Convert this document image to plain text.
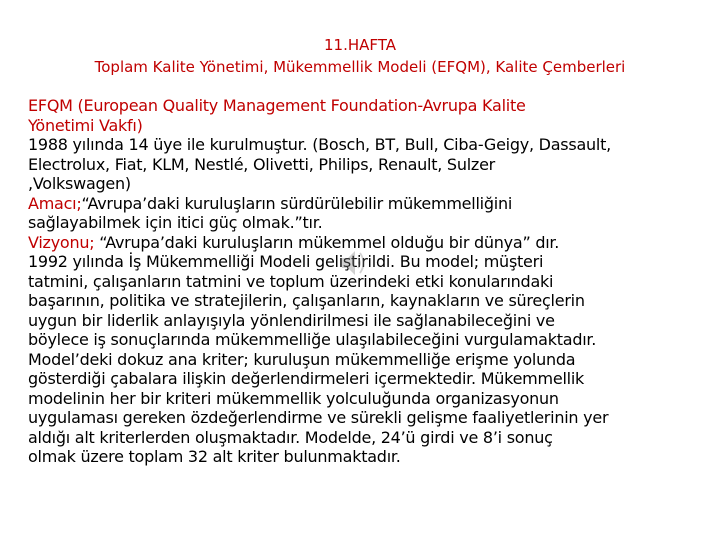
11.HAFTA
Toplam Kalite Yönetimi, Mükemmellik Modeli (EFQM), Kalite Çemberleri
EFQM (European Quality Management Foundation-Avrupa Kalite
Yönetimi Vakfı)
1988 yılında 14 üye ile kurulmuştur. (Bosch, BT, Bull, Ciba-Geigy, Dassault,
Electrolux, Fiat, KLM, Nestlé, Olivetti, Philips, Renault, Sulzer
,Volkswagen)
Amacı;“Avrupa’daki kuruluşların sürdürülebilir mükemmelliğini
sağlayabilmek için itici güç olmak.”tır.
Vizyonu; “Avrupa’daki kuruluşların mükemmel olduğu bir dünya” dır.
1992 yılında İş Mükemmelliği Modeli geliştirildi. Bu model; müşteri
tatmini, çalışanların tatmini ve toplum üzerindeki etki konularındaki
başarının, politika ve stratejilerin, çalışanların, kaynakların ve süreçlerin
uygun bir liderlik anlayışıyla yönlendirilmesi ile sağlanabileceğini ve
böylece iş sonuçlarında mükemmelliğe ulaşılabileceğini vurgulamaktadır.
Model’deki dokuz ana kriter; kuruluşun mükemmelliğe erişme yolunda
gösterdiği çabalara ilişkin değerlendirmeleri içermektedir. Mükemmellik
modelinin her bir kriteri mükemmellik yolculuğunda organizasyonun
uygulaması gereken özdeğerlendirme ve sürekli gelişme faaliyetlerinin yer
aldığı alt kriterlerden oluşmaktadır. Modelde, 24’ü girdi ve 8’i sonuç
olmak üzere toplam 32 alt kriter bulunmaktadır.
